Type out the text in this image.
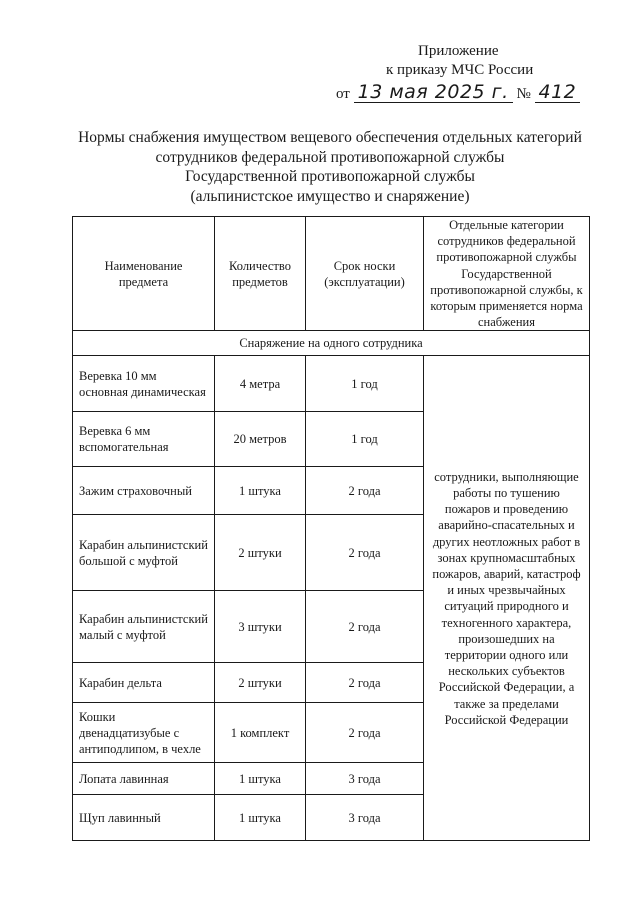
Приложение
к приказу МЧС России
от 13 мая 2025 г. № 412
Нормы снабжения имуществом вещевого обеспечения отдельных категорий
сотрудников федеральной противопожарной службы
Государственной противопожарной службы
(альпинистское имущество и снаряжение)
Наименование предмета	Количество предметов	Срок носки (эксплуатации)	Отдельные категории сотрудников федеральной противопожарной службы Государственной противопожарной службы, к которым применяется норма снабжения
Снаряжение на одного сотрудника			
Веревка 10 мм основная динамическая	4 метра	1 год	сотрудники, выполняющие работы по тушению пожаров и проведению аварийно-спасательных и других неотложных работ в зонах крупномасштабных пожаров, аварий, катастроф и иных чрезвычайных ситуаций природного и техногенного характера, произошедших на территории одного или нескольких субъектов Российской Федерации, а также за пределами Российской Федерации
Веревка 6 мм вспомогательная	20 метров	1 год	
Зажим страховочный	1 штука	2 года	
Карабин альпинистский большой с муфтой	2 штуки	2 года	
Карабин альпинистский малый с муфтой	3 штуки	2 года	
Карабин дельта	2 штуки	2 года	
Кошки двенадцатизубые с антиподлипом, в чехле	1 комплект	2 года	
Лопата лавинная	1 штука	3 года	
Щуп лавинный	1 штука	3 года	
